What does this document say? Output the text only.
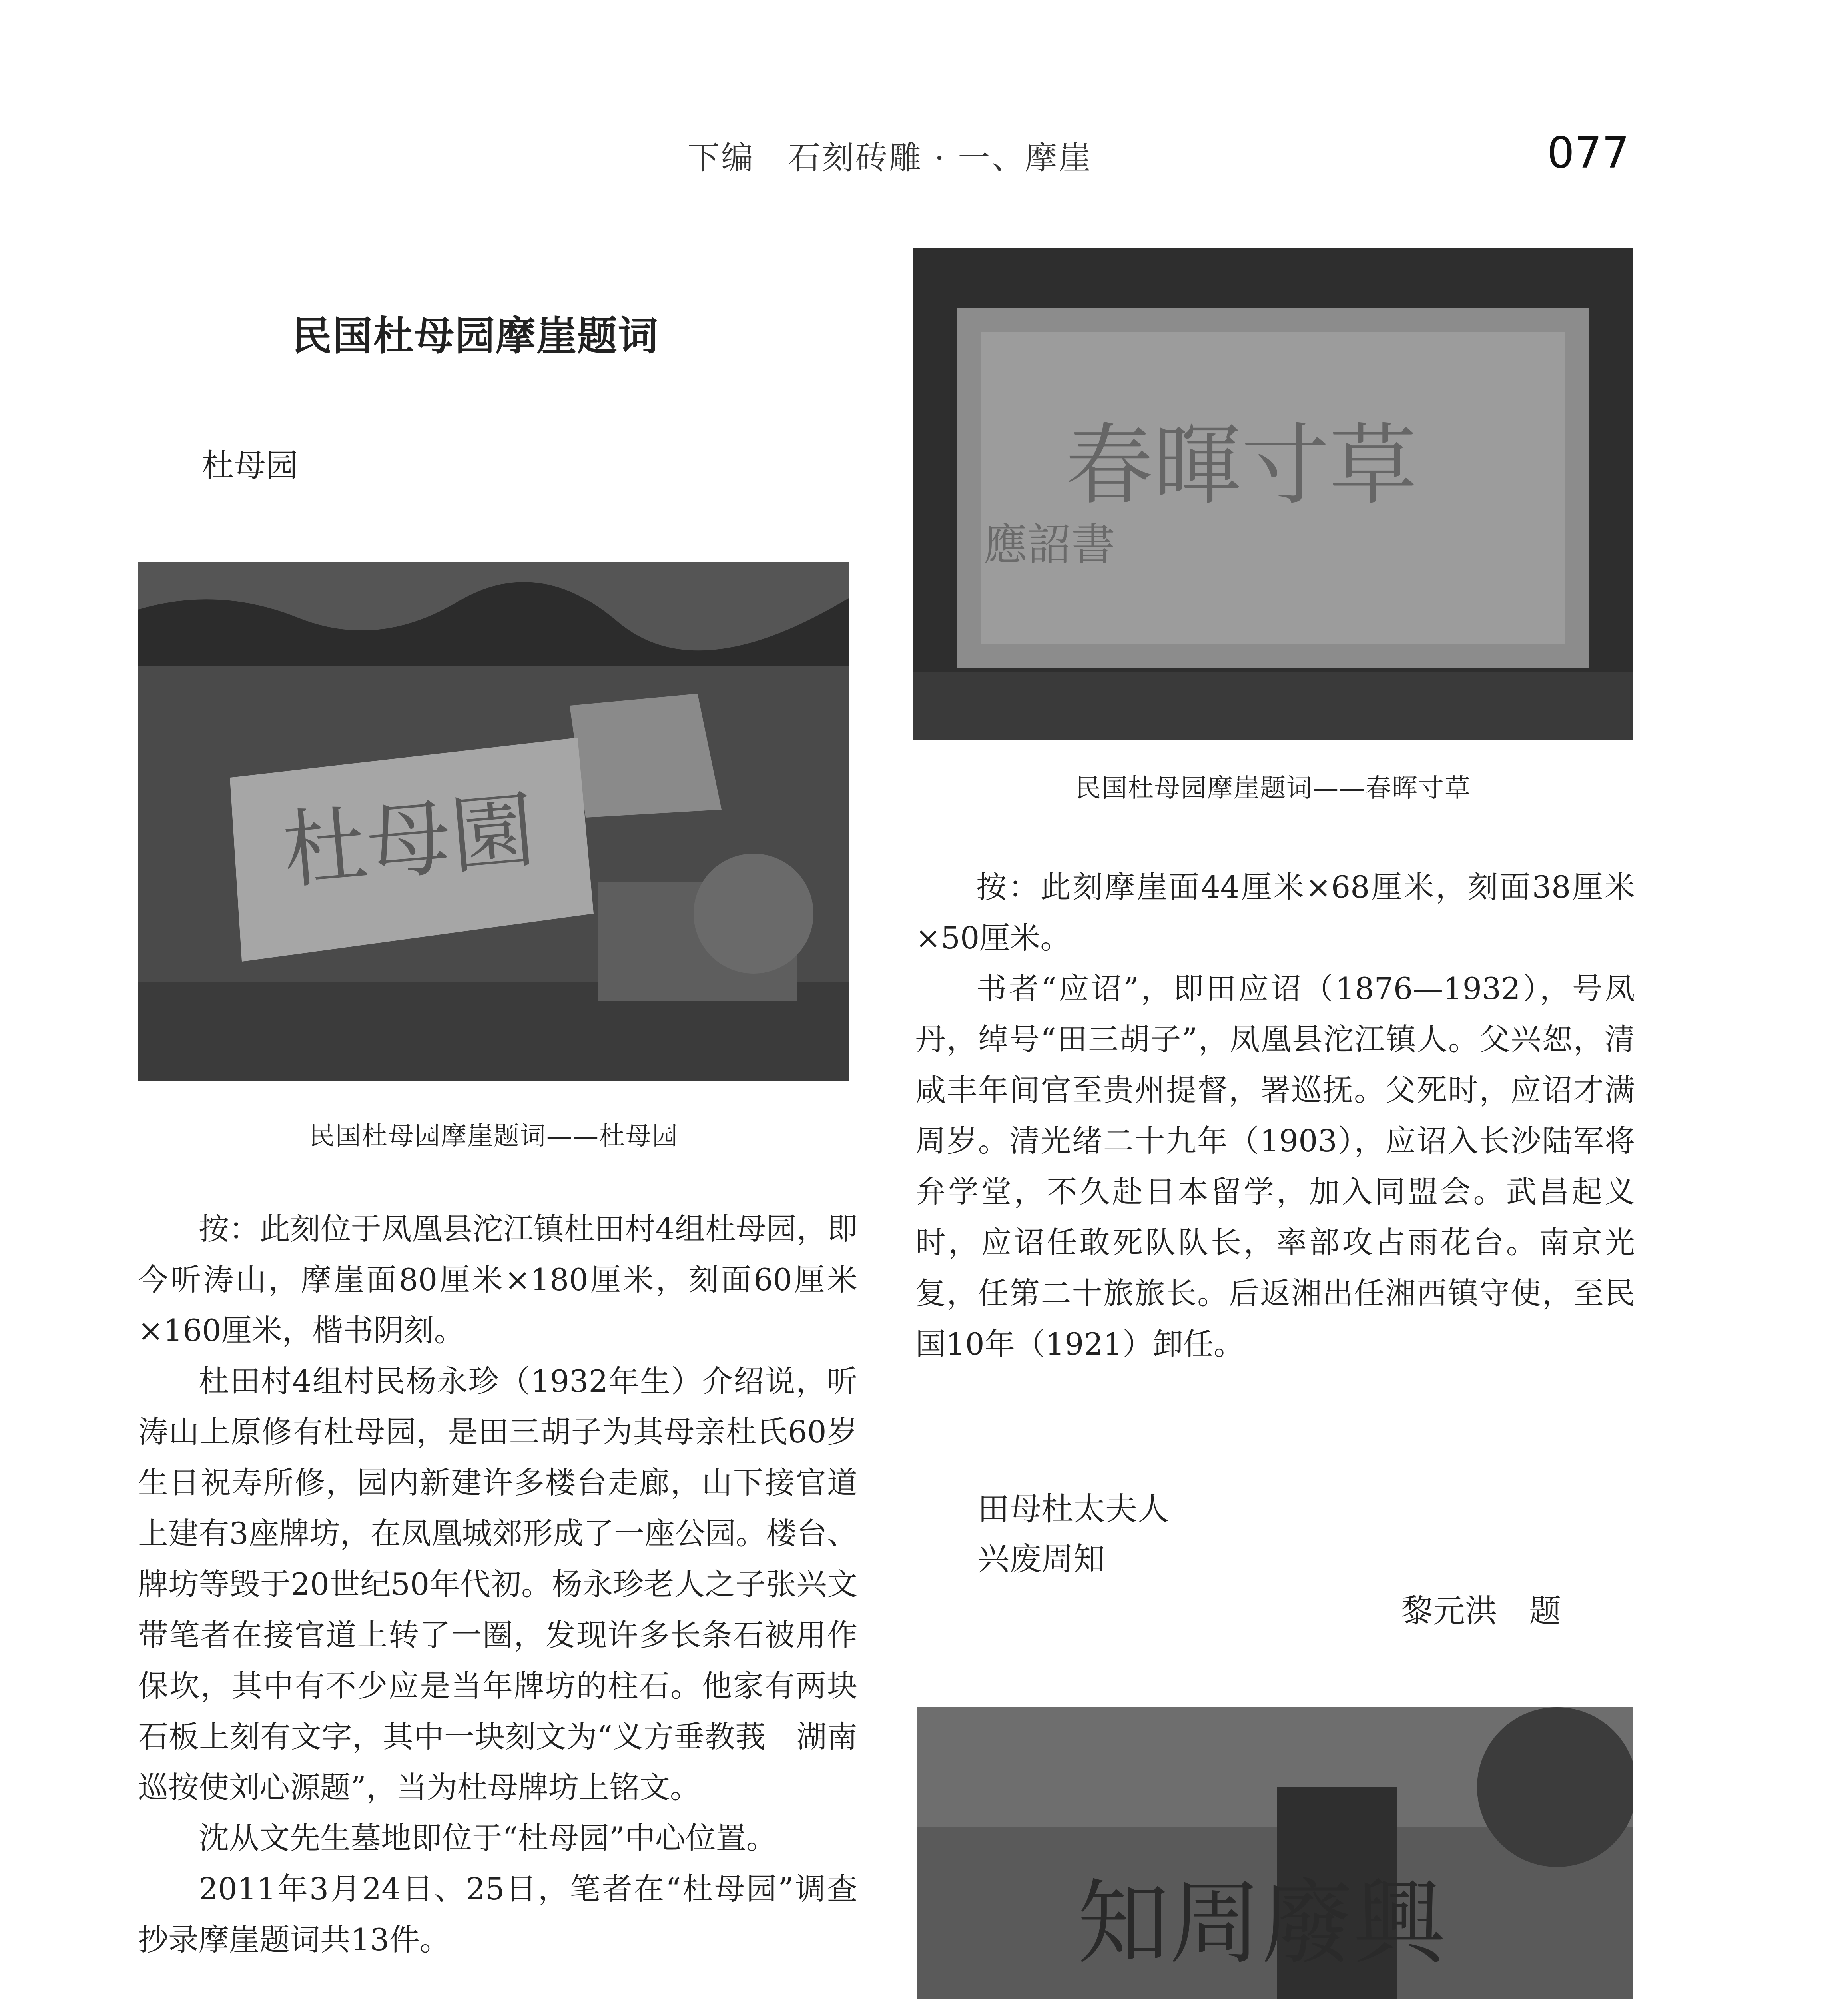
下编　石刻砖雕 · 一、摩崖	077
民国杜母园摩崖题词
杜母园
杜母園
民国杜母园摩崖题词——杜母园

按：此刻位于凤凰县沱江镇杜田村4组杜母园，即今听涛山，摩崖面80厘米×180厘米，刻面60厘米×160厘米，楷书阴刻。

杜田村4组村民杨永珍（1932年生）介绍说，听涛山上原修有杜母园，是田三胡子为其母亲杜氏60岁生日祝寿所修，园内新建许多楼台走廊，山下接官道上建有3座牌坊，在凤凰城郊形成了一座公园。楼台、牌坊等毁于20世纪50年代初。杨永珍老人之子张兴文带笔者在接官道上转了一圈，发现许多长条石被用作保坎，其中有不少应是当年牌坊的柱石。他家有两块石板上刻有文字，其中一块刻文为“义方垂教莪　湖南巡按使刘心源题”，当为杜母牌坊上铭文。

沈从文先生墓地即位于“杜母园”中心位置。

2011年3月24日、25日，笔者在“杜母园”调查抄录摩崖题词共13件。

春暉寸草
應詔書
民国杜母园摩崖题词——春晖寸草

按：此刻摩崖面44厘米×68厘米，刻面38厘米×50厘米。

书者“应诏”，即田应诏（1876—1932），号凤丹，绰号“田三胡子”，凤凰县沱江镇人。父兴恕，清咸丰年间官至贵州提督，署巡抚。父死时，应诏才满周岁。清光绪二十九年（1903），应诏入长沙陆军将弁学堂，不久赴日本留学，加入同盟会。武昌起义时，应诏任敢死队队长，率部攻占雨花台。南京光复，任第二十旅旅长。后返湘出任湘西镇守使，至民国10年（1921）卸任。

田母杜太夫人
兴废周知
黎元洪　题
知周廢興
